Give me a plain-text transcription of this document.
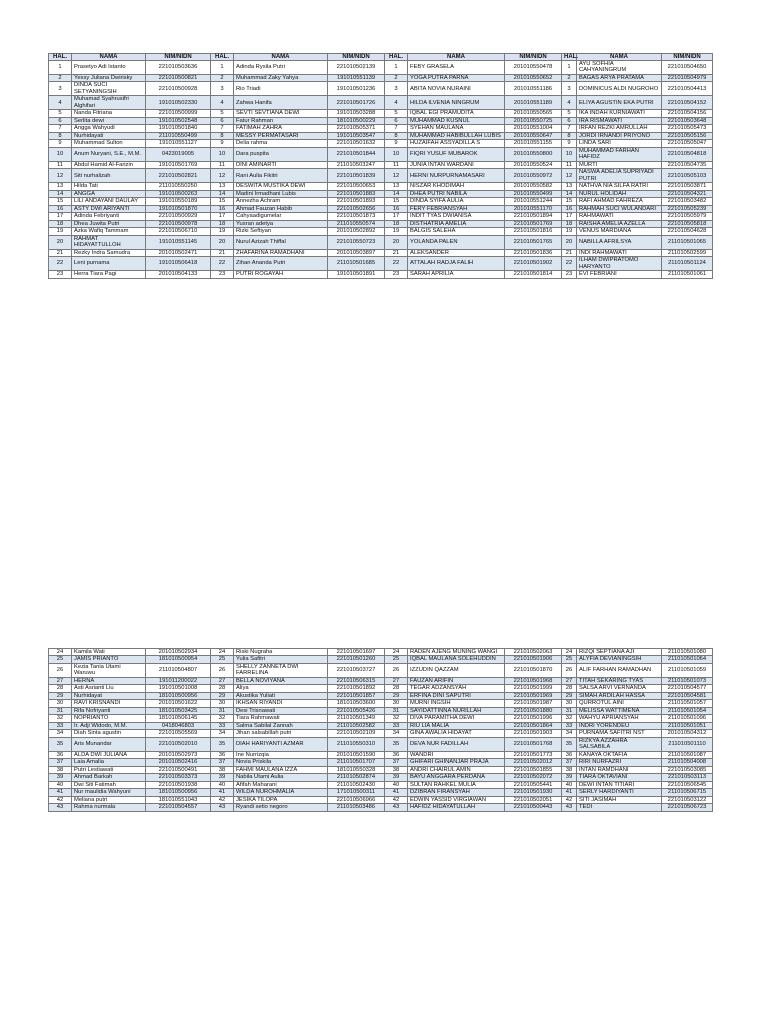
HAL.	NAMA	NIM/NIDN	HAL.	NAMA	NIM/NIDN	HAL.	NAMA	NIM/NIDN	HAL.	NAMA	NIM/NIDN
1	Prasetyo Adi Istanto	221010503636	1	Adinda Rysila Putri	221010502139	1	FEBY GRASELA	201010550478	1	AYU SOFHIA CAHYANINGRUM	221010504650
2	Yessy Juliana Dwirisky	221010500821	2	Muhammad Zaky Yahya	191010551139	2	YOGA PUTRA PARNA	201010550652	2	BAGAS ARYA PRATAMA	221010504979
3	DINDA SUCI SETYANINGSIH	221010500928	3	Rio Triadi	191010501236	3	ABITA NOVIA NURAINI	201010551186	3	DOMINICUS ALDI NUGROHO	221010504413
4	Muhamad Syahrusifri Alghifari	191010502330	4	Zahwa Hanifa	221010501726	4	HILDA ILVENIA NINGRUM	201010551189	4	ELIYA AGUSTIN EKA PUTRI	221010504152
5	Nanda Fitriana	221010500999	5	SEVTI SEVTIANA DEWI	191010503288	5	IQBAL EGI PRAMUDITA	201010550565	5	IKA INDAH KURNIAWATI	221010504156
6	Serlita dewi	191010502548	6	Fatur Rahman	181010500229	6	MUHAMMAD KUSNUL	201010550725	6	IRA RISMAWATI	221010503648
7	Angga Wahyudi	191010501840	7	FATIMAH ZAHRA	221010505371	7	SYEHAN MAULANA	201010551004	7	IRFAN REZKI AMRULLAH	221010505473
8	Nurhidayati	211010550499	8	MESSY PERMATASARI	191010503547	8	MUHAMMAD HABIBULLAH LUBIS	201010550647	8	JORDI IRNANDI PRIYONO	221010505156
9	Muhammad Sulton	191010551127	9	Delia rahma	221010501632	9	HUZAIFAH ASSYADILLA S	201010551155	9	LINDA SARI	221010505047
10	Anum Nuryani, S.E., M.M.	0423019005	10	Dara puspita	221010501844	10	FIQRI YUSUF MUBAROK	201010550800	10	MUHAMMAD FARHAN HAFIDZ	221010504818
11	Abdul Hamid Al-Farizin	191010501769	11	DINI AMINARTI	211010503247	11	JUNIA INTAN WARDANI	201010550524	11	MURTI	221010504735
12	Siti nurhalizah	221010502821	12	Rani Aulia Fikitri	221010501839	12	HERNI NURPURNAMASARI	201010550972	12	NASWA ADELIA SUPRIYADI PUTRI	221010505103
13	Hilda Tati	211010550250	13	DESWITA MUSTIKA DEWI	221010500653	13	NISZAR KHODIMAH	201010550582	13	NATHVA NIA SILFA RATRI	221010503871
14	ANGGA	191010500263	14	Madini Irmadhani Lubis	221010501883	14	DHEA PUTRI NABILA	201010550499	14	NURUL HOLIDAH	221010504321
15	LILI ANDAYANI DAULAY	191010550189	15	Annezha Achram	221010501893	15	DINDA SYIFA AULIA	201010551244	15	RAFI AHMAD FAHREZA	221010503482
16	ASTY DWI ARIYANTI	191010501870	16	Ahmad Fauzan Habib	221010502656	16	FERY FEBRIANSYAH	201010551170	16	RAHMAH SUCI WULANDARI	221010505239
17	Adinda Febriyanti	221010500929	17	Cahyaadigumelar	221010501873	17	INDIT TYAS DWIANISA	221010501894	17	RAHMAWATI	221010505979
18	Dhea Juwita Putri	221010500978	18	Yusran adetya	211010550574	18	DISTHATRIA AMELIA	221010501769	18	RAISHA AMELIA AZELLA	221010505818
19	Azka Wafiq Tammam	221010506710	19	Rizki Seftiyan	201010502892	19	BALGIS SALEHA	221010501816	19	VENUS MARDIANA	221010504628
20	RAHMAT HIDAYATTULLOH	191010551145	20	Nurul Azizah Thiffal	221010550723	20	YOLANDA PALEN	221010501765	20	NABILLA AFRILSYA	211010501065
21	Rezky Indra Samudra	201010502471	21	ZHAFARINA RAMADHANI	201010503897	21	ALEKSANDER	221010501836	21	INDI RAHMAWATI	211010502599
22	Leni purnama	191010506418	22	Zihan Ananda Putri	211010501685	22	ATTALAH RADJA FALIH	221010501902	22	ILHAM DWIPRATOMO HARYANTO	211010501124
23	Herra Tiara Pagi	201010504133	23	PUTRI ROGAYAH	191010501891	23	SARAH APRILIA	221010501814	23	EVI FEBRIANI	211010501061
24	Kamila Wati	201010502934	24	Riski Nugraha	221010501697	24	RADEN AJENG MUNING WANGI	221010502063	24	RIZQI SEPTIANA AJI	211010501080
25	JAMIS PRIANTO	181010500954	25	Yulia Safitri	221010501260	25	IQBAL MAULANA SOLEHUDDIN	221010501906	25	ALYFIA DEVIANINGSIH	211010501064
26	Kezia Tania Utami Waruwu	211010504807	26	SHELLY ZANNETA DWI FARRELINA	221010503727	26	IZZUDIN QAZZAM	221010501870	26	ALIF FARHAN RAMADHAN	211010501059
27	HERNA	191011200022	27	BELLA NOVIYANA	221010506315	27	FAUZAN ARIFIN	221010501968	27	TITAH SEKARING TYAS	211010501073
28	Asti Asrianti Liu	191010501008	28	Aliya	221010501892	28	TEGAR ADZANSYAH	221010501999	28	SALSA ARVI VERNANDA	221010504577
29	Nurhidayat	181010500956	29	Akustika Yuliati	221010501857	29	ERFINA DINI SAPUTRI	221010501969	29	SIMAH ARDILAH HASSA	221010504581
30	RAVI KRISNANDI	201010501622	30	IKHSAN RIYANDI	181010503600	30	MURNI INGSIH	221010501987	30	QURROTUL AINI	211010501057
31	Rifa Nofriyanti	181010503425	31	Desi Trisnawati	221010505426	31	SAYIDATTINNA NURILLAH	221010501880	31	MELISSA WATTIMENA	211010501054
32	NOPRIANTO	181010506145	32	Tiara Rahmawati	211010501349	32	DIVA PARAMITHA DEWI	221010501996	32	WAHYU APRIANSYAH	211010501096
33	Ir. Adji Widodo, M.M.	0418046803	33	Salma Sabilal Zannah	211010502582	33	RIU LIA MALIA	221010501864	33	INDRI YORENDEU	211010501051
34	Diah Sinta agustin	221010505569	34	Jihan salsabillah putri	221010502109	34	GINA AWALIA HIDAYAT	221010501903	34	PURNAMA SAFITRI NST	201010504312
35	Aris Munandar	221010502010	35	DIAH HARIYANTI AZMAR	211010550310	35	DEVA NUR FADILLAH	221010501768	35	RIZKYA AZZAHRA SALSABILA	211010501110
36	ALDA DWI JULIANA	201010502973	36	Ine Nurrizqia	201010501590	36	WANDRI	221010501773	36	KANAYA OKTAFIA	211010501087
37	Laia Amalia	201010502416	37	Novia Priskila	211010501707	37	GHIFARI GHINANJAR PRAJA	221010502012	37	RIRI NURFAZRI	211010504008
38	Putri Lestiawati	221010500491	38	FAHMI MAULANA IZZA	181010550328	38	ANDRI CHAIRUL AMIN	221010501855	38	INTAN RAMDHANI	221010503085
39	Ahmad Barkah	221010503373	39	Nabila Utami Aulia	211010502874	39	BAYU ANGGARA PERDANA	221010502072	39	TIARA OKTAVIANI	221010503113
40	Dwi Siti Fatimah	221010501938	40	Afifah Maharani	211010502430	40	SULTAN RAHKEL MULIA	221010505441	40	DEWI INTAN TITIARI	221010506545
41	Nur maulidia Wahyuni	181010500956	41	WILDA NUROHMALIA	171010500311	41	DZIBRAN FIRANSYAH	221010501930	41	SERLY HARDIYANTI	211010506715
42	Meliana putri	181010551043	42	JESIKA TILOPA	221010506966	42	EDWIN YASSID VIRGIAWAN	221010502051	42	SITI JASIMAH	221010503122
43	Rahma nurmala	221010504557	43	Ryandi setio negoro	211010503486	43	HAFIDZ HIDAYATULLAH	221010500443	43	TEDI	221010506723
